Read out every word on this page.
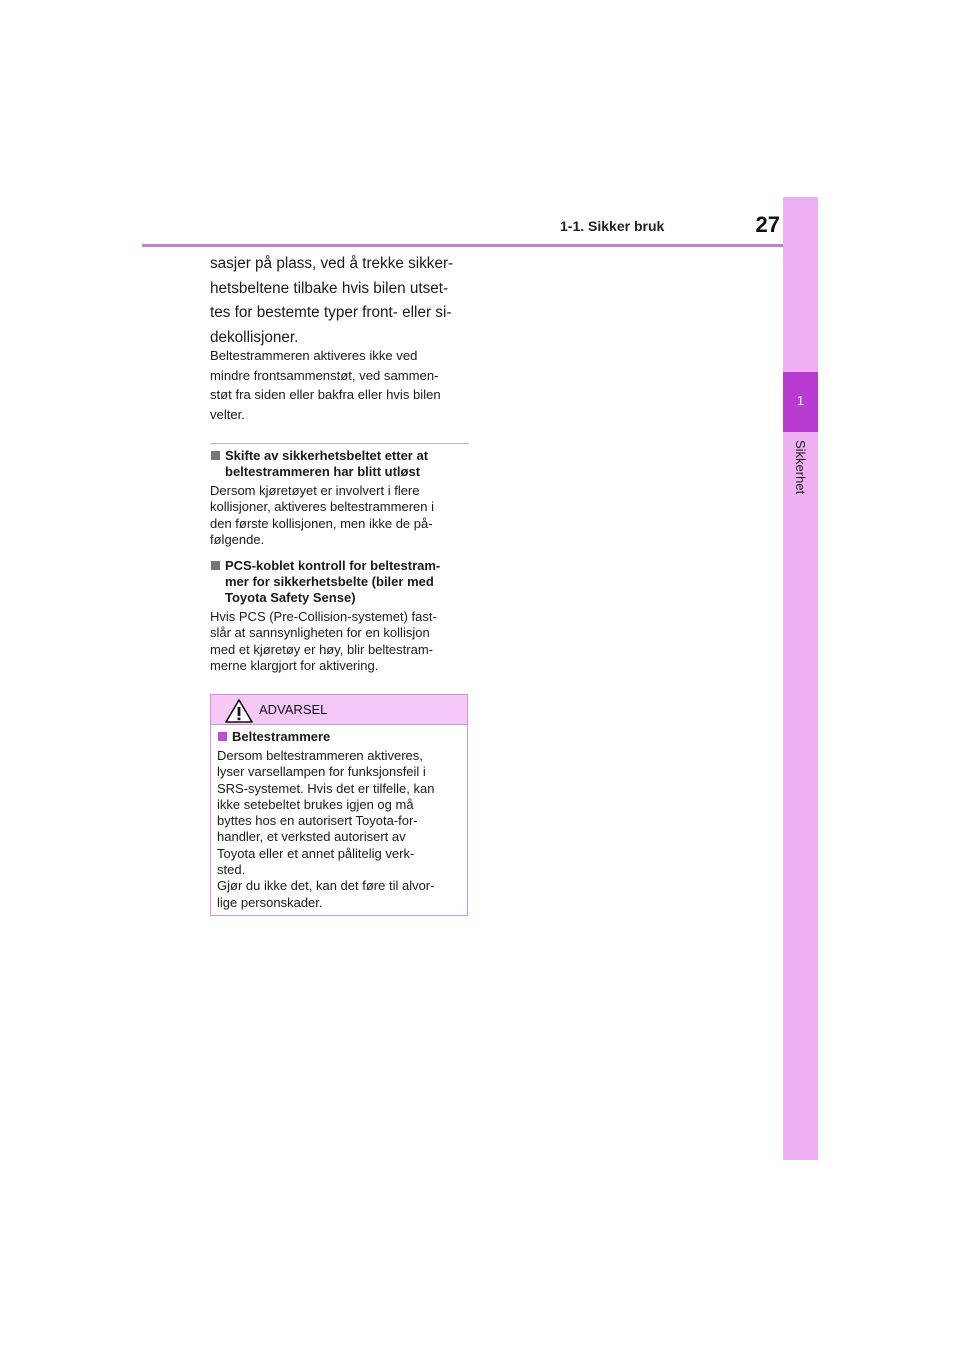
1-1. Sikker bruk	27
1
Sikkerhet
sasjer på plass, ved å trekke sikker-
hetsbeltene tilbake hvis bilen utset-
tes for bestemte typer front- eller si-
dekollisjoner.
Beltestrammeren aktiveres ikke ved
mindre frontsammenstøt, ved sammen-
støt fra siden eller bakfra eller hvis bilen
velter.
Skifte av sikkerhetsbeltet etter at
beltestrammeren har blitt utløst
Dersom kjøretøyet er involvert i flere
kollisjoner, aktiveres beltestrammeren i
den første kollisjonen, men ikke de på-
følgende.
PCS-koblet kontroll for beltestram-
mer for sikkerhetsbelte (biler med
Toyota Safety Sense)
Hvis PCS (Pre-Collision-systemet) fast-
slår at sannsynligheten for en kollisjon
med et kjøretøy er høy, blir beltestram-
merne klargjort for aktivering.
ADVARSEL
Beltestrammere
Dersom beltestrammeren aktiveres,
lyser varsellampen for funksjonsfeil i
SRS-systemet. Hvis det er tilfelle, kan
ikke setebeltet brukes igjen og må
byttes hos en autorisert Toyota-for-
handler, et verksted autorisert av
Toyota eller et annet pålitelig verk-
sted.
Gjør du ikke det, kan det føre til alvor-
lige personskader.
